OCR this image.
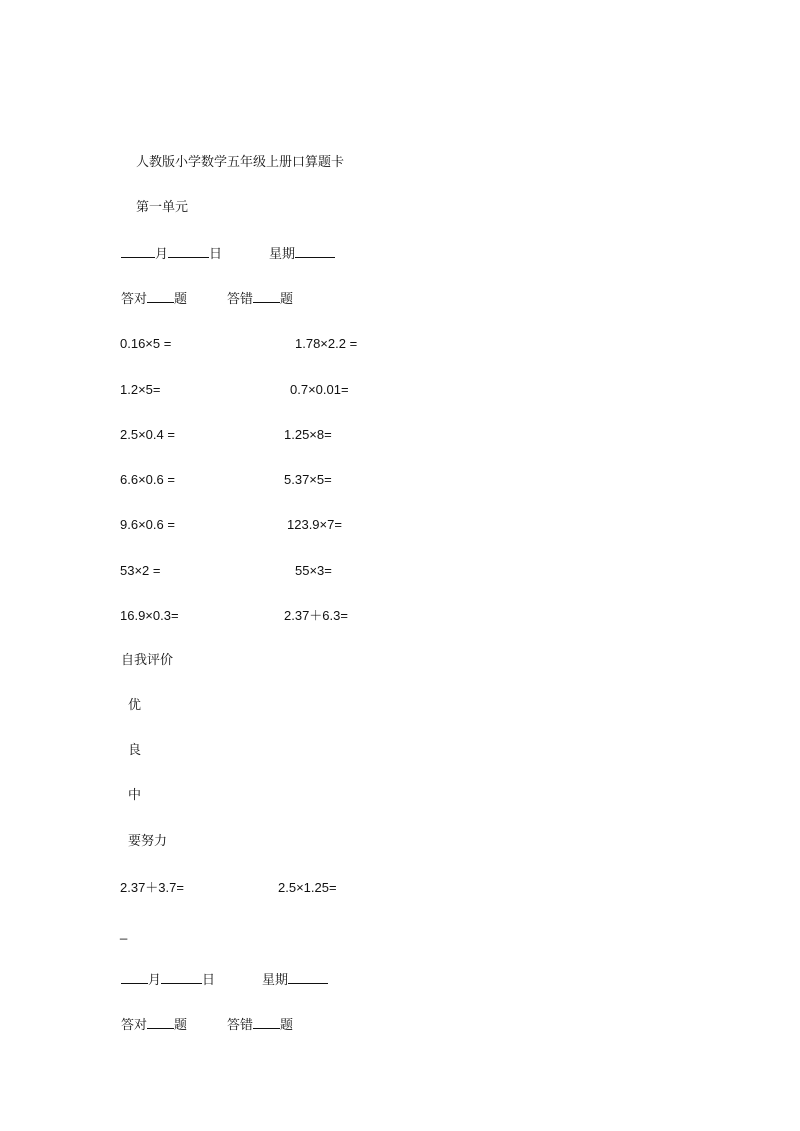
人教版小学数学五年级上册口算题卡
第一单元
月	日	星期
答对 题	答错 题
0.16×5 =	1.78×2.2 =
1.2×5=	0.7×0.01=
2.5×0.4 =	1.25×8=
6.6×0.6 =	5.37×5=
9.6×0.6 =	123.9×7=
53×2 =	55×3=
16.9×0.3=	2.37＋6.3=
自我评价
优
良
中
要努力
2.37＋3.7=	2.5×1.25=
_
月	日	星期
答对 题	答错 题
